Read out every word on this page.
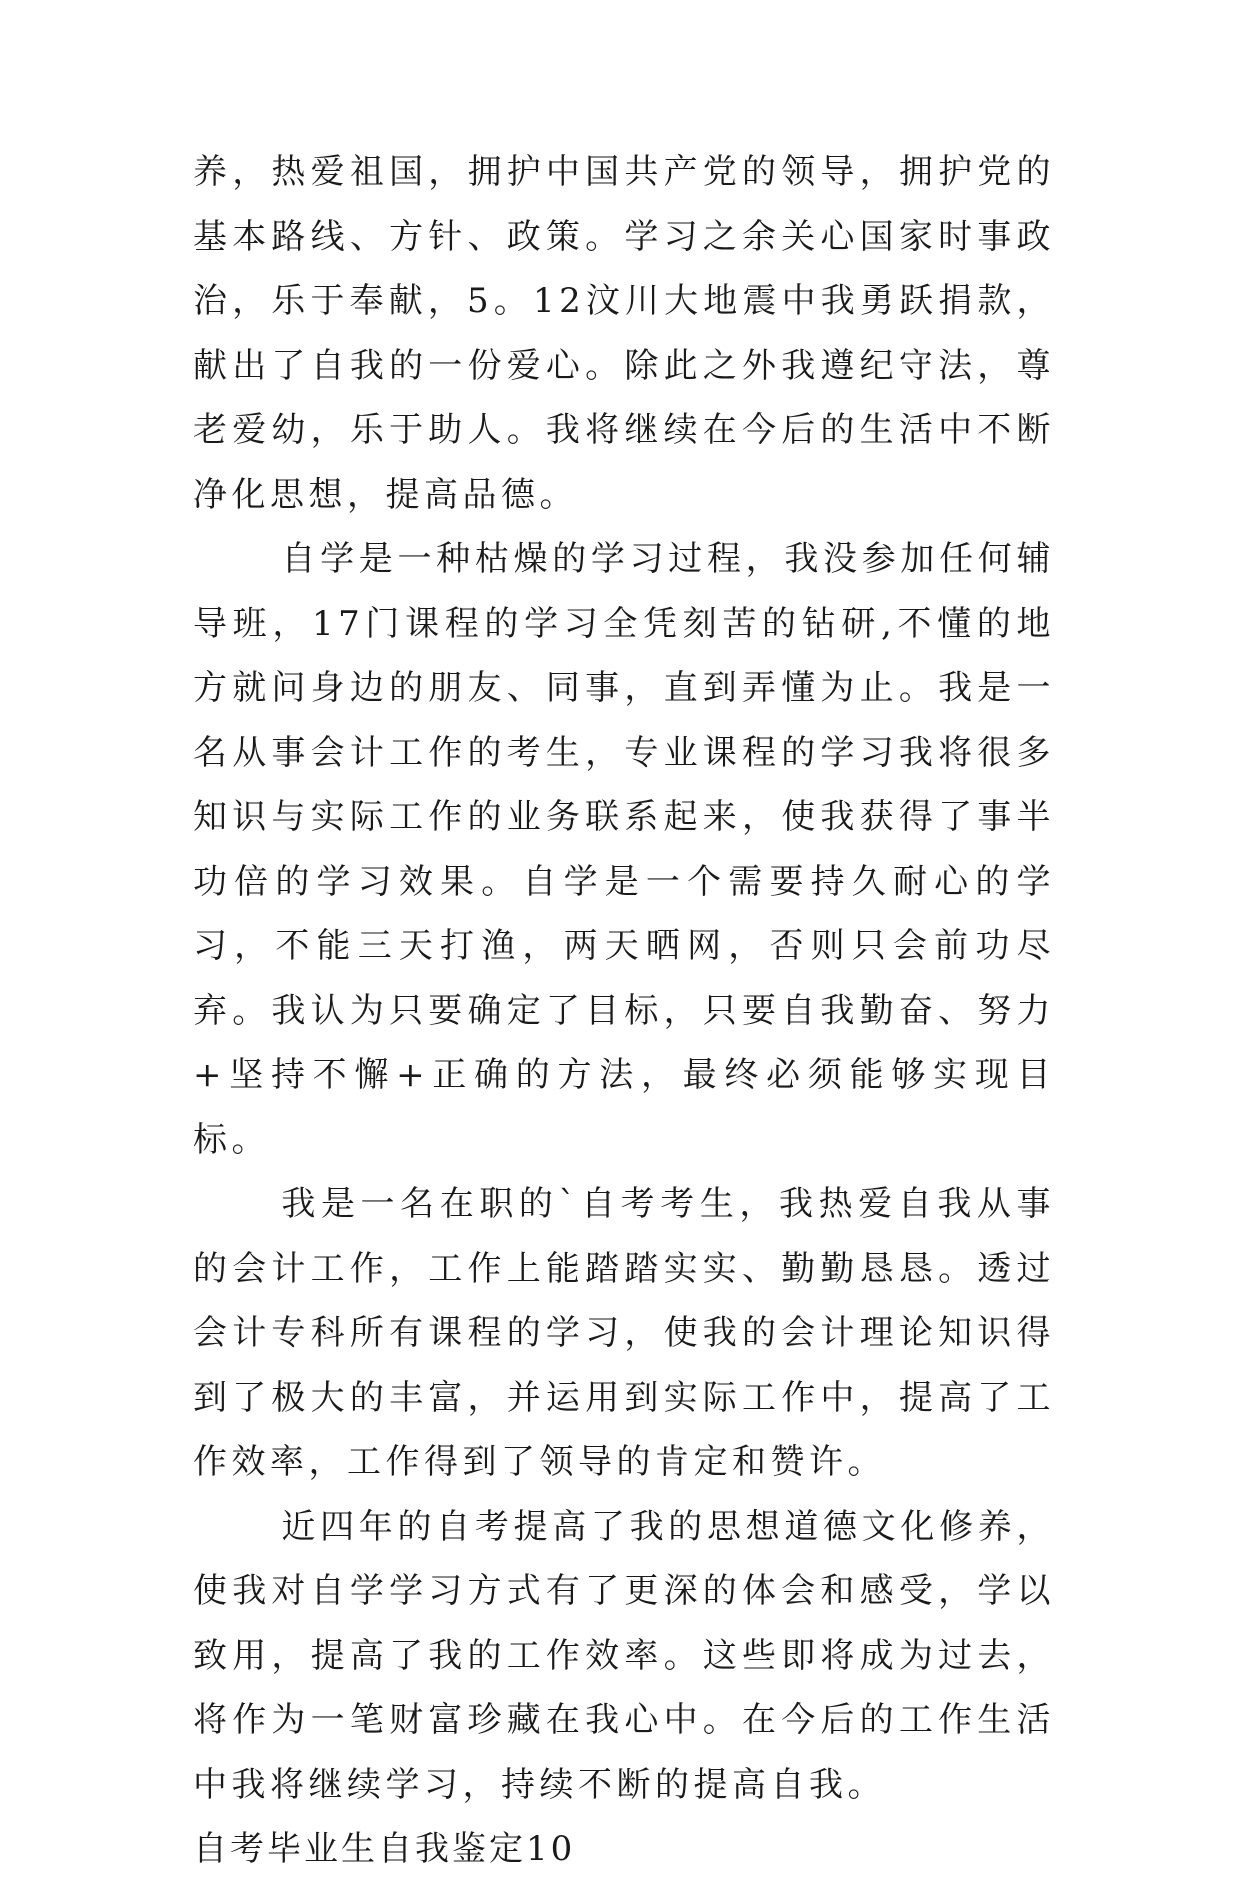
养，热爱祖国，拥护中国共产党的领导，拥护党的基本路线、方针、政策。学习之余关心国家时事政治，乐于奉献，5。12汶川大地震中我勇跃捐款，献出了自我的一份爱心。除此之外我遵纪守法，尊老爱幼，乐于助人。我将继续在今后的生活中不断净化思想，提高品德。

自学是一种枯燥的学习过程，我没参加任何辅导班，17门课程的学习全凭刻苦的钻研,不懂的地方就问身边的朋友、同事，直到弄懂为止。我是一名从事会计工作的考生，专业课程的学习我将很多知识与实际工作的业务联系起来，使我获得了事半功倍的学习效果。自学是一个需要持久耐心的学习，不能三天打渔，两天晒网，否则只会前功尽弃。我认为只要确定了目标，只要自我勤奋、努力+坚持不懈+正确的方法，最终必须能够实现目标。

我是一名在职的`自考考生，我热爱自我从事的会计工作，工作上能踏踏实实、勤勤恳恳。透过会计专科所有课程的学习，使我的会计理论知识得到了极大的丰富，并运用到实际工作中，提高了工作效率，工作得到了领导的肯定和赞许。

近四年的自考提高了我的思想道德文化修养，使我对自学学习方式有了更深的体会和感受，学以致用，提高了我的工作效率。这些即将成为过去，将作为一笔财富珍藏在我心中。在今后的工作生活中我将继续学习，持续不断的提高自我。

自考毕业生自我鉴定10
